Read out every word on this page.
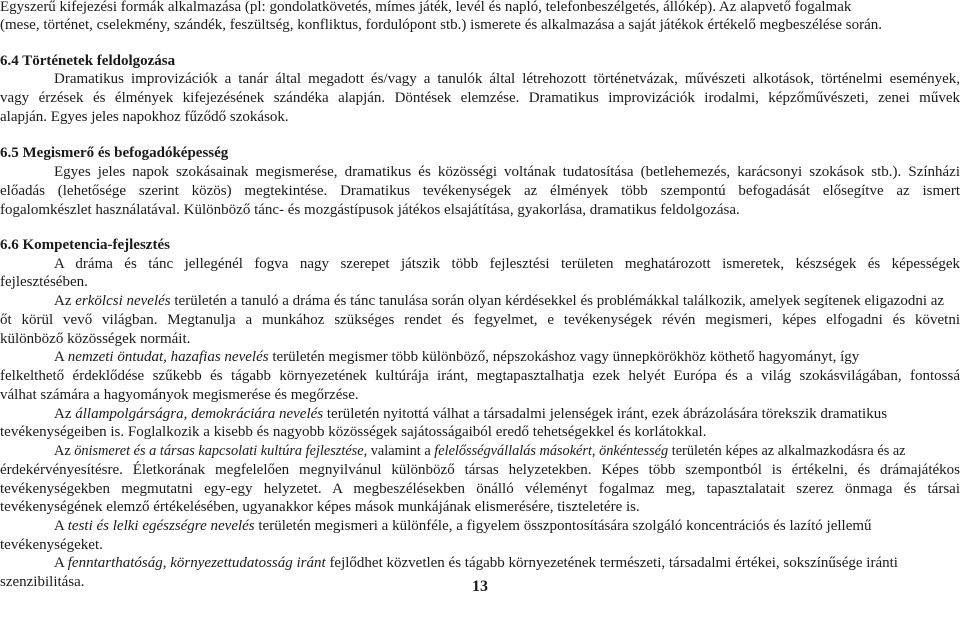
Egyszerű kifejezési formák alkalmazása (pl: gondolatkövetés, mímes játék, levél és napló, telefonbeszélgetés, állókép). Az alapvető fogalmak
(mese, történet, cselekmény, szándék, feszültség, konfliktus, fordulópont stb.) ismerete és alkalmazása a saját játékok értékelő megbeszélése során.
6.4 Történetek feldolgozása
Dramatikus improvizációk a tanár által megadott és/vagy a tanulók által létrehozott történetvázak, művészeti alkotások, történelmi események,
vagy érzések és élmények kifejezésének szándéka alapján. Döntések elemzése. Dramatikus improvizációk irodalmi, képzőművészeti, zenei művek
alapján. Egyes jeles napokhoz fűződő szokások.
6.5 Megismerő és befogadóképesség
Egyes jeles napok szokásainak megismerése, dramatikus és közösségi voltának tudatosítása (betlehemezés, karácsonyi szokások stb.). Színházi
előadás (lehetősége szerint közös) megtekintése. Dramatikus tevékenységek az élmények több szempontú befogadását elősegítve az ismert
fogalomkészlet használatával. Különböző tánc- és mozgástípusok játékos elsajátítása, gyakorlása, dramatikus feldolgozása.
6.6 Kompetencia-fejlesztés
A dráma és tánc jellegénél fogva nagy szerepet játszik több fejlesztési területen meghatározott ismeretek, készségek és képességek
fejlesztésében.
Az erkölcsi nevelés területén a tanuló a dráma és tánc tanulása során olyan kérdésekkel és problémákkal találkozik, amelyek segítenek eligazodni az
őt körül vevő világban. Megtanulja a munkához szükséges rendet és fegyelmet, e tevékenységek révén megismeri, képes elfogadni és követni
különböző közösségek normáit.
A nemzeti öntudat, hazafias nevelés területén megismer több különböző, népszokáshoz vagy ünnepkörökhöz köthető hagyományt, így
felkelthető érdeklődése szűkebb és tágabb környezetének kultúrája iránt, megtapasztalhatja ezek helyét Európa és a világ szokásvilágában, fontossá
válhat számára a hagyományok megismerése és megőrzése.
Az állampolgárságra, demokráciára nevelés területén nyitottá válhat a társadalmi jelenségek iránt, ezek ábrázolására törekszik dramatikus
tevékenységeiben is. Foglalkozik a kisebb és nagyobb közösségek sajátosságaiból eredő tehetségekkel és korlátokkal.
Az önismeret és a társas kapcsolati kultúra fejlesztése, valamint a felelősségvállalás másokért, önkéntesség területén képes az alkalmazkodásra és az
érdekérvényesítésre. Életkorának megfelelően megnyilvánul különböző társas helyzetekben. Képes több szempontból is értékelni, és drámajátékos
tevékenységekben megmutatni egy-egy helyzetet. A megbeszélésekben önálló véleményt fogalmaz meg, tapasztalatait szerez önmaga és társai
tevékenységének elemző értékelésében, ugyanakkor képes mások munkájának elismerésére, tiszteletére is.
A testi és lelki egészségre nevelés területén megismeri a különféle, a figyelem összpontosítására szolgáló koncentrációs és lazító jellemű
tevékenységeket.
A fenntarthatóság, környezettudatosság iránt fejlődhet közvetlen és tágabb környezetének természeti, társadalmi értékei, sokszínűsége iránti
szenzibilitása.	13
